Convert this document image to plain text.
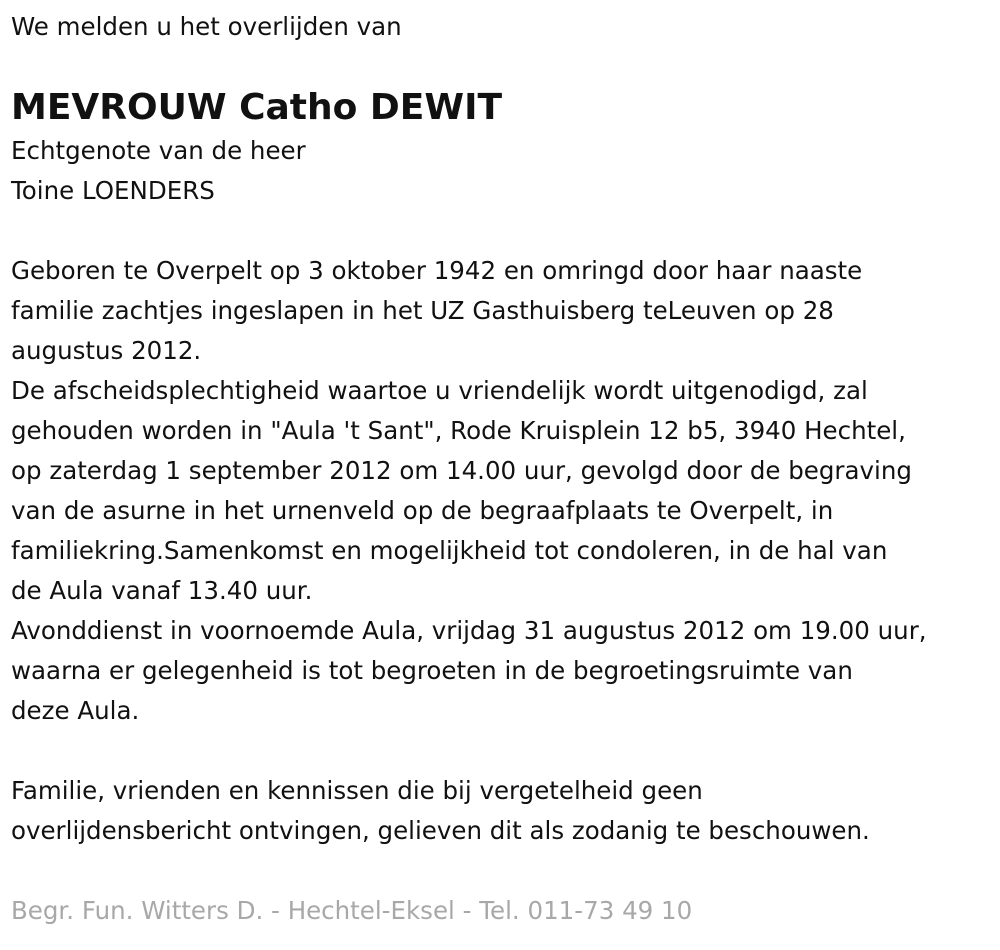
We melden u het overlijden van
MEVROUW Catho DEWIT
Echtgenote van de heer
Toine LOENDERS
Geboren te Overpelt op 3 oktober 1942 en omringd door haar naaste
familie zachtjes ingeslapen in het UZ Gasthuisberg teLeuven op 28
augustus 2012.
De afscheidsplechtigheid waartoe u vriendelijk wordt uitgenodigd, zal
gehouden worden in "Aula 't Sant", Rode Kruisplein 12 b5, 3940 Hechtel,
op zaterdag 1 september 2012 om 14.00 uur, gevolgd door de begraving
van de asurne in het urnenveld op de begraafplaats te Overpelt, in
familiekring.Samenkomst en mogelijkheid tot condoleren, in de hal van
de Aula vanaf 13.40 uur.
Avonddienst in voornoemde Aula, vrijdag 31 augustus 2012 om 19.00 uur,
waarna er gelegenheid is tot begroeten in de begroetingsruimte van
deze Aula.
Familie, vrienden en kennissen die bij vergetelheid geen
overlijdensbericht ontvingen, gelieven dit als zodanig te beschouwen.
Begr. Fun. Witters D. - Hechtel-Eksel - Tel. 011-73 49 10
